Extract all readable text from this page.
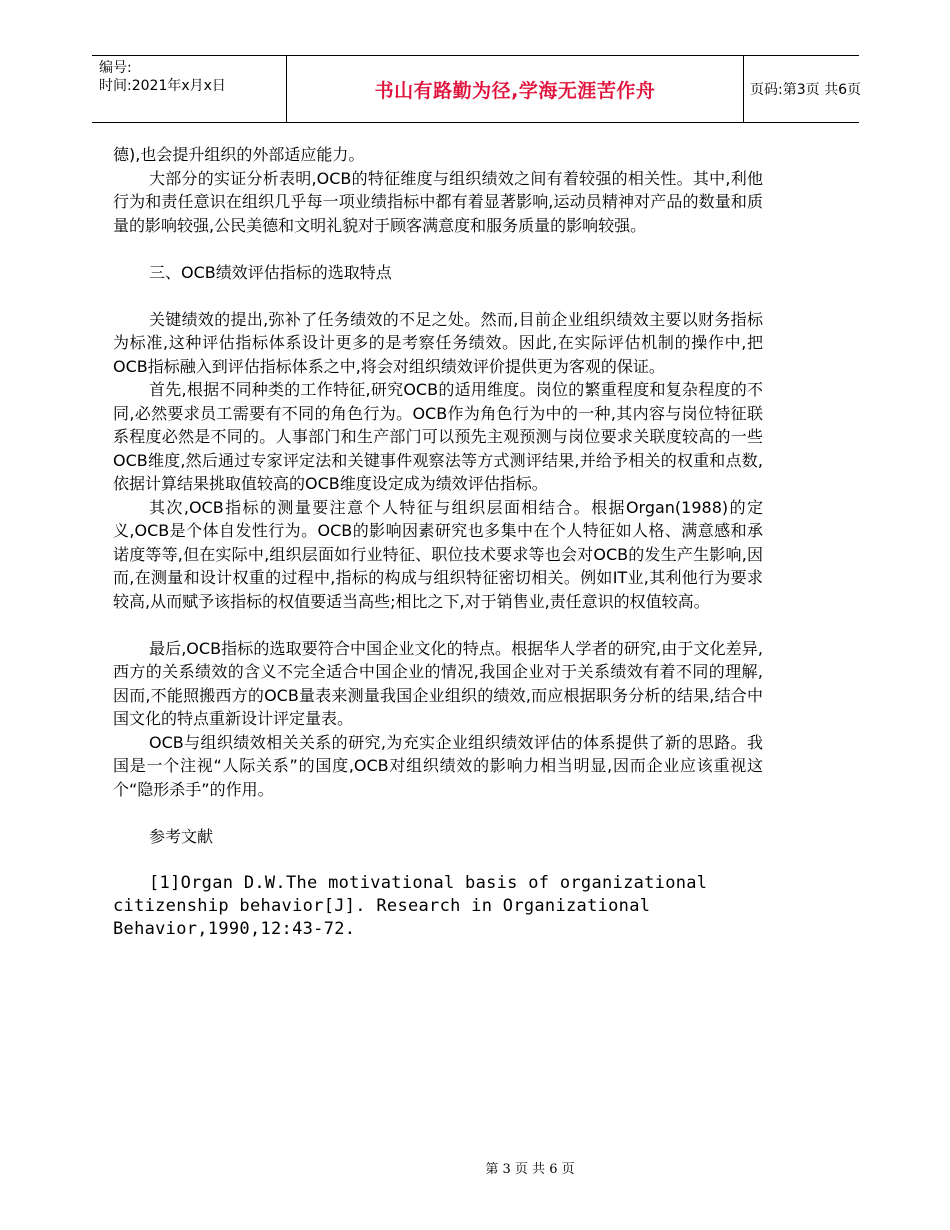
编号:
时间:2021年x月x日	书山有路勤为径,学海无涯苦作舟	页码:第3页 共6页

德),也会提升组织的外部适应能力。

大部分的实证分析表明,OCB的特征维度与组织绩效之间有着较强的相关性。其中,利他行为和责任意识在组织几乎每一项业绩指标中都有着显著影响,运动员精神对产品的数量和质量的影响较强,公民美德和文明礼貌对于顾客满意度和服务质量的影响较强。

三、OCB绩效评估指标的选取特点

关键绩效的提出,弥补了任务绩效的不足之处。然而,目前企业组织绩效主要以财务指标为标准,这种评估指标体系设计更多的是考察任务绩效。因此,在实际评估机制的操作中,把OCB指标融入到评估指标体系之中,将会对组织绩效评价提供更为客观的保证。

首先,根据不同种类的工作特征,研究OCB的适用维度。岗位的繁重程度和复杂程度的不同,必然要求员工需要有不同的角色行为。OCB作为角色行为中的一种,其内容与岗位特征联系程度必然是不同的。人事部门和生产部门可以预先主观预测与岗位要求关联度较高的一些OCB维度,然后通过专家评定法和关键事件观察法等方式测评结果,并给予相关的权重和点数,依据计算结果挑取值较高的OCB维度设定成为绩效评估指标。

其次,OCB指标的测量要注意个人特征与组织层面相结合。根据Organ(1988)的定义,OCB是个体自发性行为。OCB的影响因素研究也多集中在个人特征如人格、满意感和承诺度等等,但在实际中,组织层面如行业特征、职位技术要求等也会对OCB的发生产生影响,因而,在测量和设计权重的过程中,指标的构成与组织特征密切相关。例如IT业,其利他行为要求较高,从而赋予该指标的权值要适当高些;相比之下,对于销售业,责任意识的权值较高。

最后,OCB指标的选取要符合中国企业文化的特点。根据华人学者的研究,由于文化差异,西方的关系绩效的含义不完全适合中国企业的情况,我国企业对于关系绩效有着不同的理解,因而,不能照搬西方的OCB量表来测量我国企业组织的绩效,而应根据职务分析的结果,结合中国文化的特点重新设计评定量表。

OCB与组织绩效相关关系的研究,为充实企业组织绩效评估的体系提供了新的思路。我国是一个注视“人际关系”的国度,OCB对组织绩效的影响力相当明显,因而企业应该重视这个“隐形杀手”的作用。

参考文献

[1]Organ D.W.The motivational basis of organizational citizenship behavior[J]. Research in Organizational Behavior,1990,12:43-72.

第 3 页 共 6 页
